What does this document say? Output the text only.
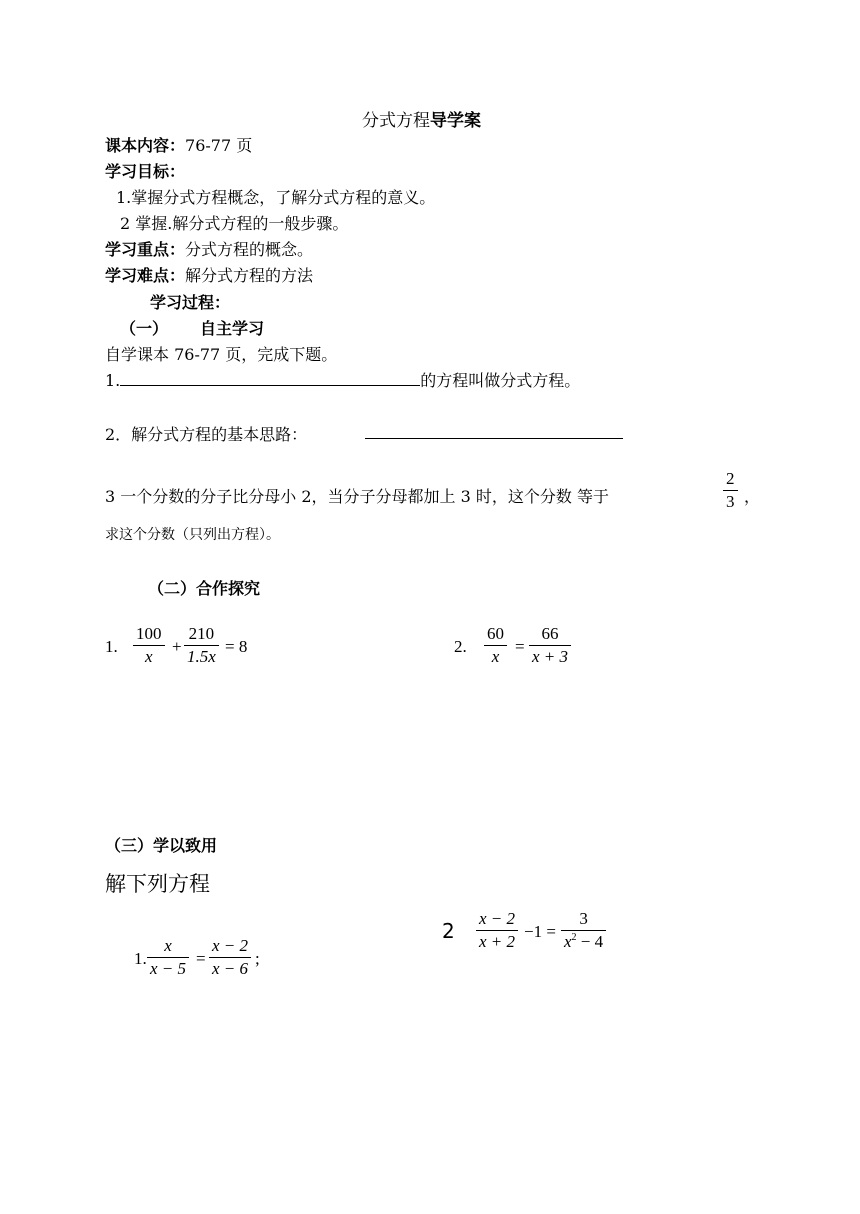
分式方程导学案
课本内容：76-77 页
学习目标：
1.掌握分式方程概念，了解分式方程的意义。
2 掌握.解分式方程的一般步骤。
学习重点：分式方程的概念。
学习难点：解分式方程的方法
学习过程：
（一） 自主学习
自学课本 76-77 页，完成下题。
1.	的方程叫做分式方程。
2．解分式方程的基本思路：
3 一个分数的分子比分母小 2，当分子分母都加上 3 时，这个分数 等于
2
3 ，
求这个分数（只列出方程）。
（二）合作探究
1.
100
x
+
210
1.5x
= 8	2.
60
x
=
66
x + 3
（三）学以致用
解下列方程
1.
x
x − 5
=
x − 2
x − 6
;
2
x − 2
x + 2
−1 =
3
$x^2 - 4$
